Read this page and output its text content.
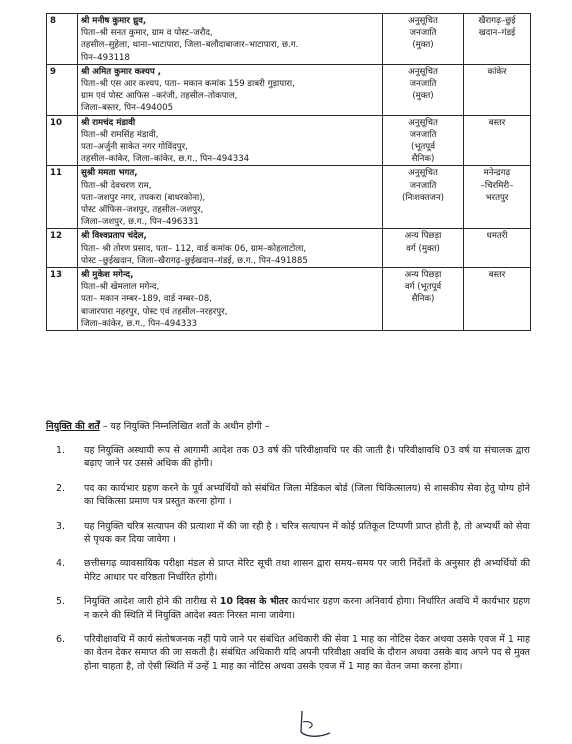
8	श्री मनीष कुमार ध्रुव,
पिता–श्री सनत कुमार, ग्राम व पोस्ट–जरौद,
तहसील–सुहेला, थाना–भाटापारा, जिला–बलौदाबाजार–भाटापारा, छ.ग.
पिन–493118	अनुसूचित
जनजाति
(मुक्त)	खैरागढ़–छुई
खदान–गंडई

9	श्री अमित कुमार कश्यप ,
पिता–श्री एस आर कश्यप, पता– मकान कमांक 159 डाबरी गुड़ापारा,
ग्राम एवं पोस्ट आफिस –करंजी, तहसील–तोकपाल,
जिला–बस्तर, पिन–494005	अनुसूचित
जनजाति
(मुक्त)	कांकेर

10	श्री रामचंद मंडावी
पिता–श्री रामसिंह मंडावी,
पता–अर्जुनी साकेत नगर गोविंदपुर,
तहसील–कांकेर, जिला–कांकेर, छ.ग., पिन–494334	अनुसूचित
जनजाति
(भूतपूर्व
सैनिक)	बस्तर

11	सुश्री ममता भगत,
पिता–श्री देवचरण राम,
पता–जशपुर नगर, तपकरा (बाधरकोना),
पोस्ट ऑफिस–जशपुर, तहसील–जशपुर,
जिला–जशपुर, छ.ग., पिन–496331	अनुसूचित
जनजाति
(निःशक्तजन)	मनेन्द्रगढ़
–चिरमिरी–
भरतपुर

12	श्री विश्वप्रताप चंदेल,
पिता– श्री तोरण प्रसाद, पता– 112, वार्ड कमांक 06, ग्राम–कोहलाटोला,
पोस्ट –छुईखदान, जिला–खैरागढ़–छुईखदान–गंडई, छ.ग., पिन–491885	अन्य पिछड़ा
वर्ग (मुक्त)	धमतरी

13	श्री मुकेश मगेन्द,
पिता–श्री खेमलाल मगेन्द,
पता– मकान नम्बर–189, वार्ड नम्बर–08,
बाजारपारा नहरपुर, पोस्ट एवं तहसील–नरहरपुर,
जिला–कांकेर, छ.ग., पिन–494333	अन्य पिछड़ा
वर्ग (भूतपूर्व
सैनिक)	बस्तर
नियुक्ति की शर्तें – यह नियुक्ति निम्नलिखित शर्तों के अधीन होगी –
1. यह नियुक्ति अस्थायी रूप से आगामी आदेश तक 03 वर्ष की परिवीक्षावधि पर की जाती है। परिवीक्षावधि 03 वर्ष या संचालक द्वारा बढ़ाए जाने पर उससे अधिक की होगी।
2. पद का कार्यभार ग्रहण करने के पूर्व अभ्यर्थियों को संबंधित जिला मेडिकल बोर्ड (जिला चिकित्सालय) से शासकीय सेवा हेतु योग्य होने का चिकित्सा प्रमाण पत्र प्रस्तुत करना होगा ।
3. यह नियुक्ति चरित्र सत्यापन की प्रत्याशा में की जा रही है । चरित्र सत्यापन में कोई प्रतिकूल टिप्पणी प्राप्त होती है, तो अभ्यर्थी को सेवा से पृथक कर दिया जावेगा ।
4. छत्तीसगढ़ व्यावसायिक परीक्षा मंडल से प्राप्त मेरिट सूची तथा शासन द्वारा समय–समय पर जारी निर्देशों के अनुसार ही अभ्यर्थियों की मेरिट आधार पर वरिष्ठता निर्धारित होगी।
5. नियुक्ति आदेश जारी होने की तारीख से 10 दिवस के भीतर कार्यभार ग्रहण करना अनिवार्य होगा। निर्धारित अवधि में कार्यभार ग्रहण न करने की स्थिति में नियुक्ति आदेश स्वतः निरस्त माना जावेगा।
6. परिवीक्षावधि में कार्य संतोषजनक नहीं पाये जाने पर संबंधित अधिकारी की सेवा 1 माह का नोटिस देकर अथवा उसके एवज में 1 माह का वेतन देकर समाप्त की जा सकती है। संबंधित अधिकारी यदि अपनी परिवीक्षा अवधि के दौरान अथवा उसके बाद अपने पद से मुक्त होना चाहता है, तो ऐसी स्थिति में उन्हें 1 माह का नोटिस अथवा उसके एवज में 1 माह का वेतन जमा करना होगा।
